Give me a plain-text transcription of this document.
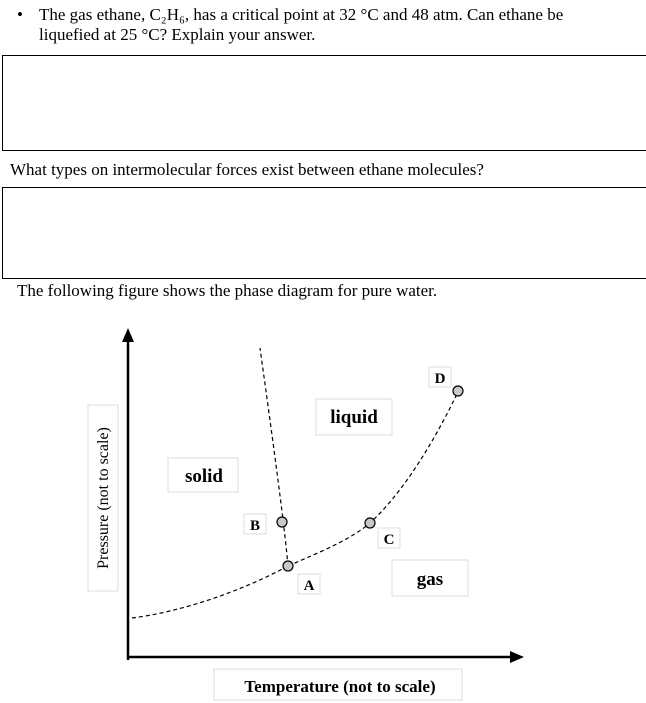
• The gas ethane, C₂H₆, has a critical point at 32 °C and 48 atm. Can ethane be liquefied at 25 °C? Explain your answer.
What types on intermolecular forces exist between ethane molecules?
The following figure shows the phase diagram for pure water.
Pressure (not to scale)
Temperature (not to scale)
solid
liquid
gas
A
B
C
D
